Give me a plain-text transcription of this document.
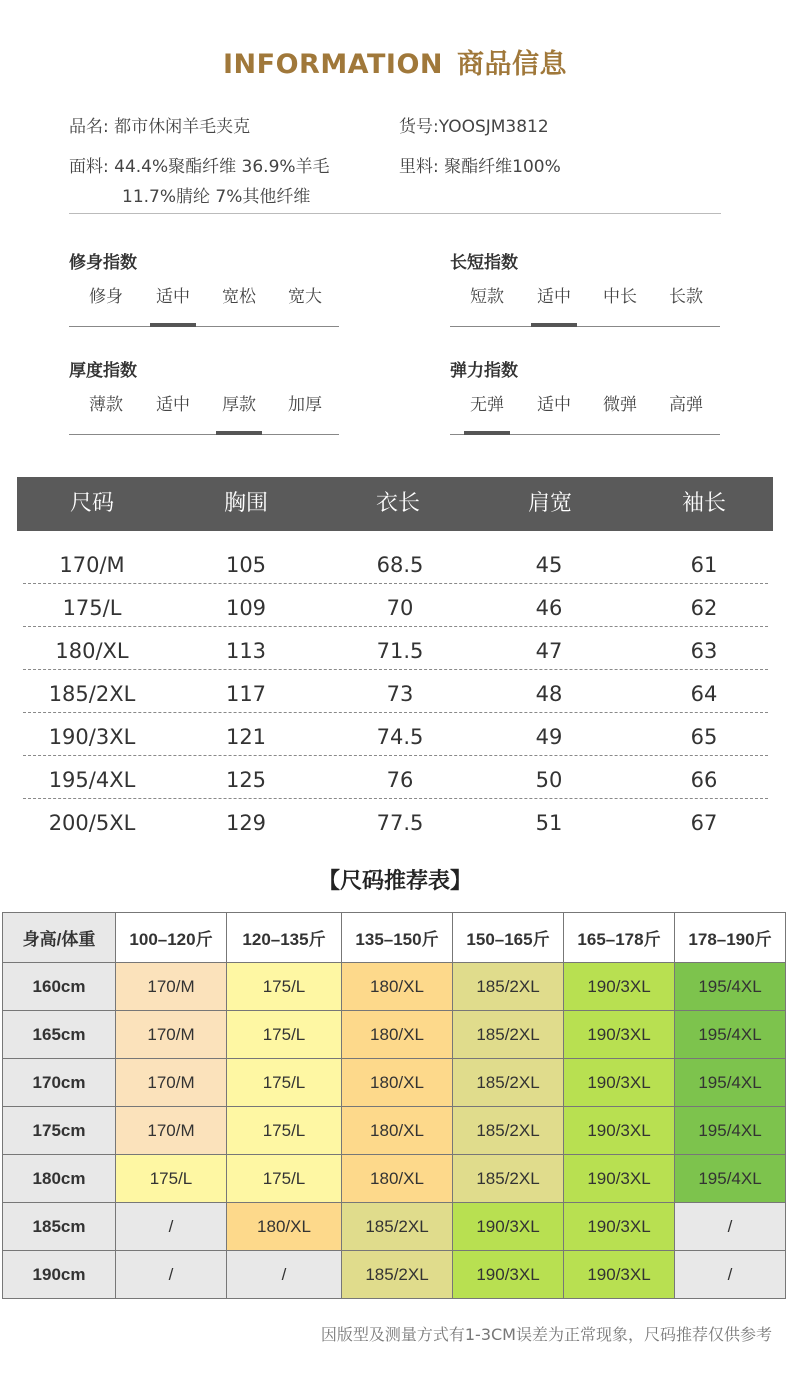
INFORMATION 商品信息
品名: 都市休闲羊毛夹克	货号:YOOSJM3812
面料: 44.4%聚酯纤维 36.9%羊毛
11.7%腈纶 7%其他纤维
里料: 聚酯纤维100%
修身指数
修身	适中	宽松	宽大
长短指数
短款	适中	中长	长款
厚度指数
薄款	适中	厚款	加厚
弹力指数
无弹	适中	微弹	高弹
尺码	胸围	衣长	肩宽	袖长
170/M	105	68.5	45	61
175/L	109	70	46	62
180/XL	113	71.5	47	63
185/2XL	117	73	48	64
190/3XL	121	74.5	49	65
195/4XL	125	76	50	66
200/5XL	129	77.5	51	67
【尺码推荐表】
身高/体重	100–120斤	120–135斤	135–150斤	150–165斤	165–178斤	178–190斤
160cm	170/M	175/L	180/XL	185/2XL	190/3XL	195/4XL
165cm	170/M	175/L	180/XL	185/2XL	190/3XL	195/4XL
170cm	170/M	175/L	180/XL	185/2XL	190/3XL	195/4XL
175cm	170/M	175/L	180/XL	185/2XL	190/3XL	195/4XL
180cm	175/L	175/L	180/XL	185/2XL	190/3XL	195/4XL
185cm	/	180/XL	185/2XL	190/3XL	190/3XL	/
190cm	/	/	185/2XL	190/3XL	190/3XL	/
因版型及测量方式有1-3CM误差为正常现象，尺码推荐仅供参考
